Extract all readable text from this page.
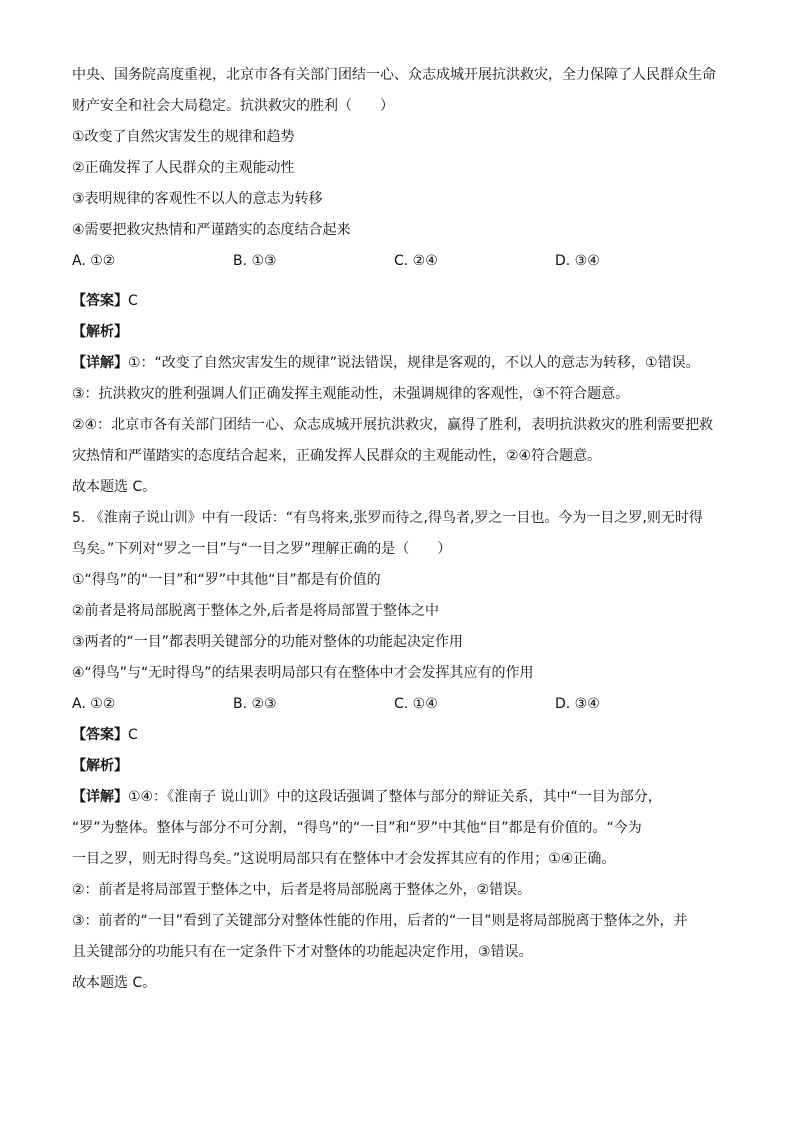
中央、国务院高度重视，北京市各有关部门团结一心、众志成城开展抗洪救灾，全力保障了人民群众生命
财产安全和社会大局稳定。抗洪救灾的胜利（　　）
①改变了自然灾害发生的规律和趋势
②正确发挥了人民群众的主观能动性
③表明规律的客观性不以人的意志为转移
④需要把救灾热情和严谨踏实的态度结合起来
A. ①②	B. ①③	C. ②④	D. ③④
【答案】C
【解析】
【详解】①：“改变了自然灾害发生的规律”说法错误，规律是客观的，不以人的意志为转移，①错误。
③：抗洪救灾的胜利强调人们正确发挥主观能动性，未强调规律的客观性，③不符合题意。
②④：北京市各有关部门团结一心、众志成城开展抗洪救灾，赢得了胜利，表明抗洪救灾的胜利需要把救
灾热情和严谨踏实的态度结合起来，正确发挥人民群众的主观能动性，②④符合题意。
故本题选 C。
5. 《淮南子说山训》中有一段话：“有鸟将来,张罗而待之,得鸟者,罗之一目也。今为一目之罗,则无时得
鸟矣。”下列对“罗之一目”与“一目之罗”理解正确的是（　　）
①“得鸟”的“一目”和“罗”中其他“目”都是有价值的
②前者是将局部脱离于整体之外,后者是将局部置于整体之中
③两者的“一目”都表明关键部分的功能对整体的功能起决定作用
④“得鸟”与“无时得鸟”的结果表明局部只有在整体中才会发挥其应有的作用
A. ①②	B. ②③	C. ①④	D. ③④
【答案】C
【解析】
【详解】①④：《淮南子 说山训》中的这段话强调了整体与部分的辩证关系，其中“一目为部分，
“罗”为整体。整体与部分不可分割，“得鸟”的“一目”和“罗”中其他“目”都是有价值的。“今为
一目之罗，则无时得鸟矣。”这说明局部只有在整体中才会发挥其应有的作用；①④正确。
②：前者是将局部置于整体之中，后者是将局部脱离于整体之外，②错误。
③：前者的“一目”看到了关键部分对整体性能的作用，后者的“一目”则是将局部脱离于整体之外，并
且关键部分的功能只有在一定条件下才对整体的功能起决定作用，③错误。
故本题选 C。
